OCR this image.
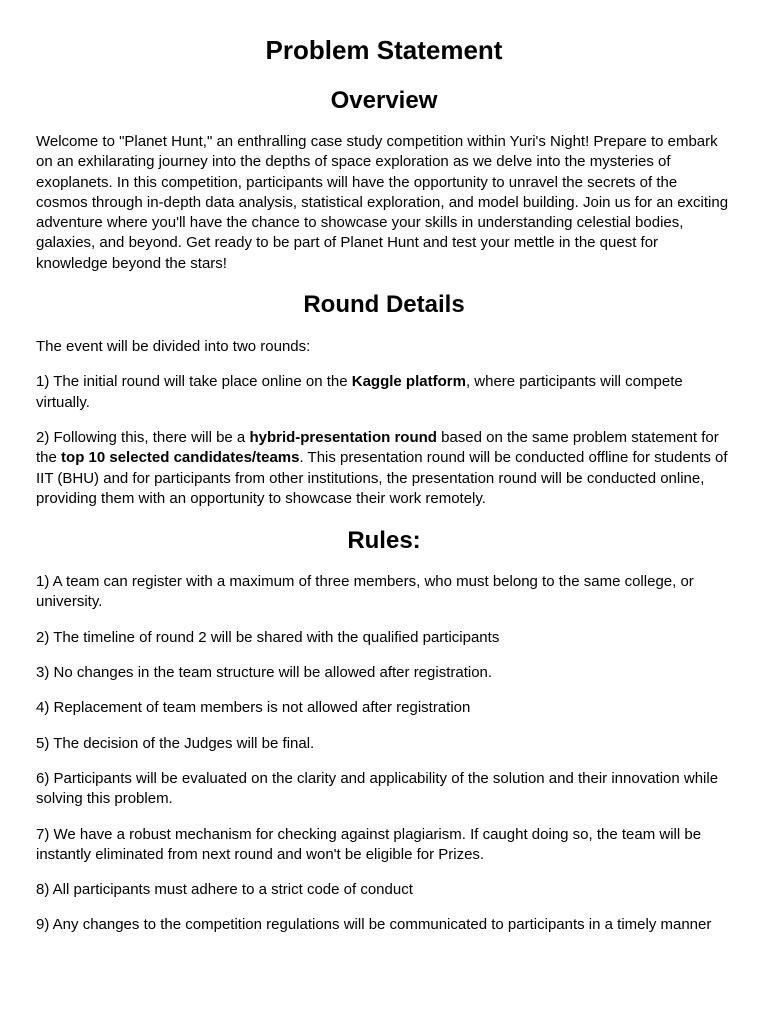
Problem Statement
Overview

Welcome to "Planet Hunt," an enthralling case study competition within Yuri's Night! Prepare to embark on an exhilarating journey into the depths of space exploration as we delve into the mysteries of exoplanets. In this competition, participants will have the opportunity to unravel the secrets of the cosmos through in-depth data analysis, statistical exploration, and model building. Join us for an exciting adventure where you'll have the chance to showcase your skills in understanding celestial bodies, galaxies, and beyond. Get ready to be part of Planet Hunt and test your mettle in the quest for knowledge beyond the stars!

Round Details

The event will be divided into two rounds:

1) The initial round will take place online on the Kaggle platform, where participants will compete virtually.

2) Following this, there will be a hybrid-presentation round based on the same problem statement for the top 10 selected candidates/teams. This presentation round will be conducted offline for students of IIT (BHU) and for participants from other institutions, the presentation round will be conducted online, providing them with an opportunity to showcase their work remotely.

Rules:

1) A team can register with a maximum of three members, who must belong to the same college, or university.

2) The timeline of round 2 will be shared with the qualified participants

3) No changes in the team structure will be allowed after registration.

4) Replacement of team members is not allowed after registration

5) The decision of the Judges will be final.

6) Participants will be evaluated on the clarity and applicability of the solution and their innovation while solving this problem.

7) We have a robust mechanism for checking against plagiarism. If caught doing so, the team will be instantly eliminated from next round and won't be eligible for Prizes.

8) All participants must adhere to a strict code of conduct

9) Any changes to the competition regulations will be communicated to participants in a timely manner
